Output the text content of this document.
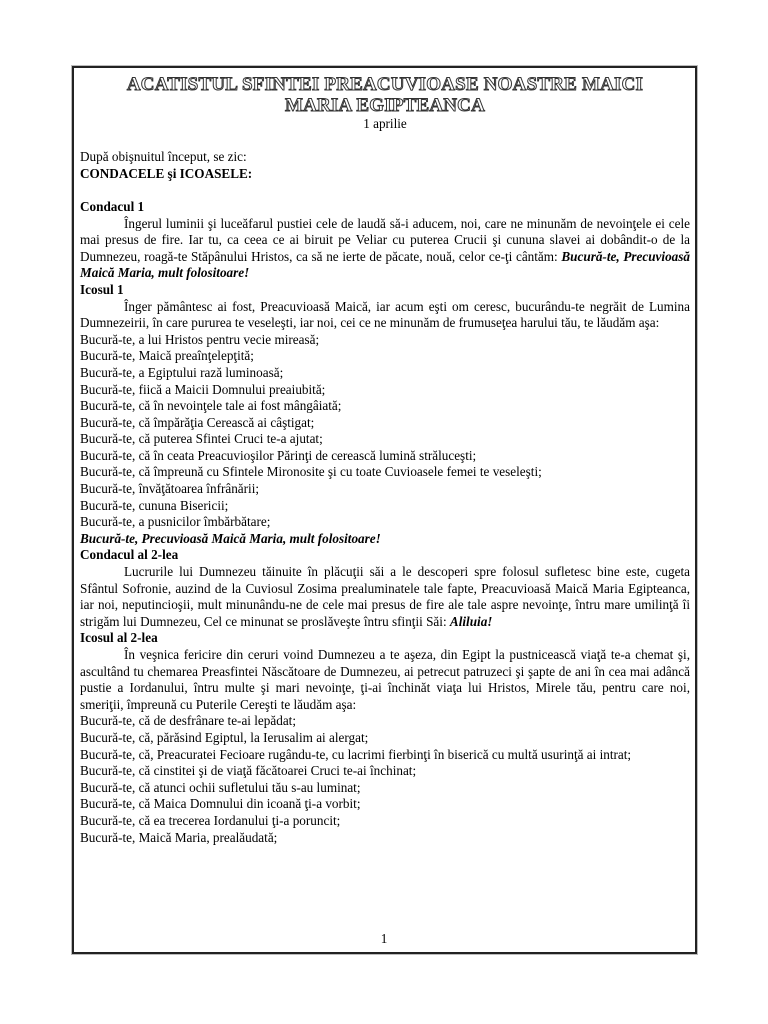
ACATISTUL SFINTEI PREACUVIOASE NOASTRE MAICI

MARIA EGIPTEANCA

1 aprilie

După obişnuitul început, se zic:

CONDACELE şi ICOASELE:

Condacul 1

Îngerul luminii şi luceăfarul pustiei cele de laudă să-i aducem, noi, care ne minunăm de nevoinţele ei cele mai presus de fire. Iar tu, ca ceea ce ai biruit pe Veliar cu puterea Crucii şi cununa slavei ai dobândit-o de la Dumnezeu, roagă-te Stăpânului Hristos, ca să ne ierte de păcate, nouă, celor ce-ţi cântăm: Bucură-te, Precuvioasă Maică Maria, mult folositoare!

Icosul 1

Înger pământesc ai fost, Preacuvioasă Maică, iar acum eşti om ceresc, bucurându-te negrăit de Lumina Dumnezeirii, în care pururea te veseleşti, iar noi, cei ce ne minunăm de frumuseţea harului tău, te lăudăm aşa:

Bucură-te, a lui Hristos pentru vecie mireasă;

Bucură-te, Maică preaînţelepţită;

Bucură-te, a Egiptului rază luminoasă;

Bucură-te, fiică a Maicii Domnului preaiubită;

Bucură-te, că în nevoinţele tale ai fost mângâiată;

Bucură-te, că împărăţia Cerească ai câştigat;

Bucură-te, că puterea Sfintei Cruci te-a ajutat;

Bucură-te, că în ceata Preacuvioşilor Părinţi de cerească lumină străluceşti;

Bucură-te, că împreună cu Sfintele Mironosite şi cu toate Cuvioasele femei te veseleşti;

Bucură-te, învăţătoarea înfrânării;

Bucură-te, cununa Bisericii;

Bucură-te, a pusnicilor îmbărbătare;

Bucură-te, Precuvioasă Maică Maria, mult folositoare!

Condacul al 2-lea

Lucrurile lui Dumnezeu tăinuite în plăcuţii săi a le descoperi spre folosul sufletesc bine este, cugeta Sfântul Sofronie, auzind de la Cuviosul Zosima prealuminatele tale fapte, Preacuvioasă Maică Maria Egipteanca, iar noi, neputincioşii, mult minunându-ne de cele mai presus de fire ale tale aspre nevoinţe, întru mare umilinţă îi strigăm lui Dumnezeu, Cel ce minunat se proslăveşte întru sfinţii Săi: Aliluia!

Icosul al 2-lea

În veşnica fericire din ceruri voind Dumnezeu a te aşeza, din Egipt la pustnicească viaţă te-a chemat şi, ascultând tu chemarea Preasfintei Născătoare de Dumnezeu, ai petrecut patruzeci şi şapte de ani în cea mai adâncă pustie a Iordanului, întru multe şi mari nevoinţe, ţi-ai închinăt viaţa lui Hristos, Mirele tău, pentru care noi, smeriţii, împreună cu Puterile Cereşti te lăudăm aşa:

Bucură-te, că de desfrânare te-ai lepădat;

Bucură-te, că, părăsind Egiptul, la Ierusalim ai alergat;

Bucură-te, că, Preacuratei Fecioare rugându-te, cu lacrimi fierbinţi în biserică cu multă usurinţă ai intrat;

Bucură-te, că cinstitei şi de viaţă făcătoarei Cruci te-ai închinat;

Bucură-te, că atunci ochii sufletului tău s-au luminat;

Bucură-te, că Maica Domnului din icoană ţi-a vorbit;

Bucură-te, că ea trecerea Iordanului ţi-a poruncit;

Bucură-te, Maică Maria, prealăudată;

1
